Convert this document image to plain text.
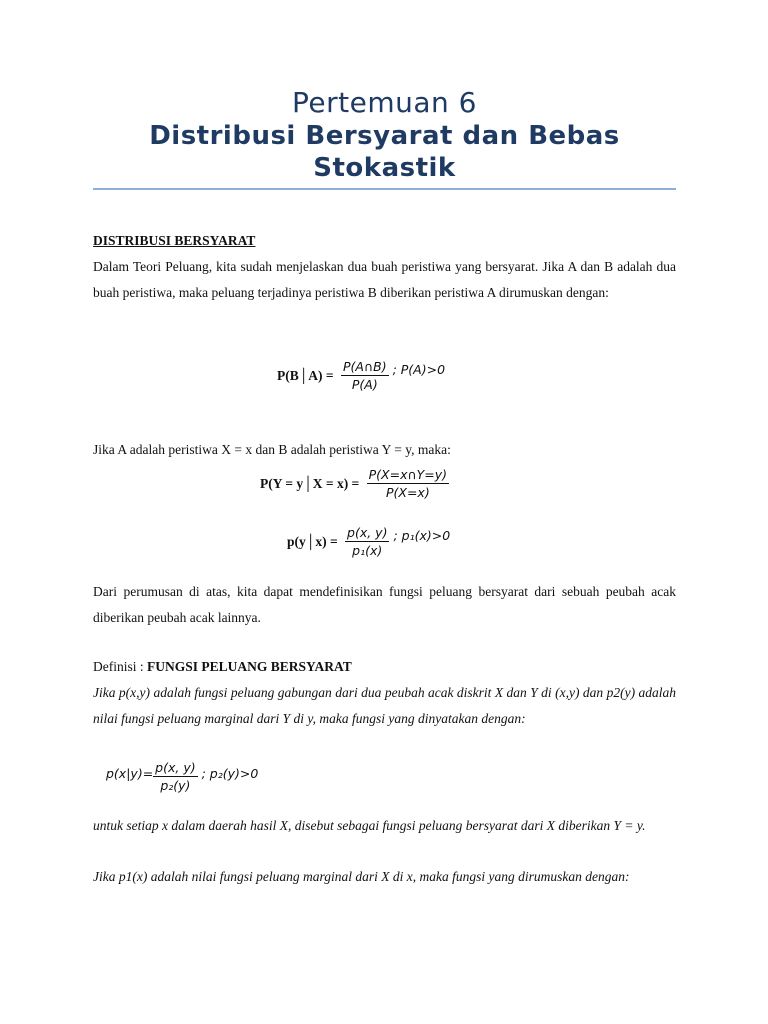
Pertemuan 6
Distribusi Bersyarat dan Bebas Stokastik
DISTRIBUSI BERSYARAT
Dalam Teori Peluang, kita sudah menjelaskan dua buah peristiwa yang bersyarat. Jika A dan B adalah dua buah peristiwa, maka peluang terjadinya peristiwa B diberikan peristiwa A dirumuskan dengan:
P(B│A) = $\frac{P(A\cap B)}{P(A)}$ ; P(A)>0
Jika A adalah peristiwa X = x dan B adalah peristiwa Y = y, maka:
P(Y = y│X = $x) = \frac{P(X=x\cap Y=y)}{P(X=x)}$
p(y│x) = $\frac{p(x, y)}{\text{p₁(x)}}$ ; p₁(x)>0
Dari perumusan di atas, kita dapat mendefinisikan fungsi peluang bersyarat dari sebuah peubah acak diberikan peubah acak lainnya.
Definisi : FUNGSI PELUANG BERSYARAT
Jika p(x,y) adalah fungsi peluang gabungan dari dua peubah acak diskrit X dan Y di (x,y) dan p2(y) adalah nilai fungsi peluang marginal dari Y di y, maka fungsi yang dinyatakan dengan:
$p(x|y)= \frac{p(x, y)}{\text{p₂(y)}}$ ; p₂(y)>0
untuk setiap x dalam daerah hasil X, disebut sebagai fungsi peluang bersyarat dari X diberikan Y = y.
Jika p1(x) adalah nilai fungsi peluang marginal dari X di x, maka fungsi yang dirumuskan dengan:
